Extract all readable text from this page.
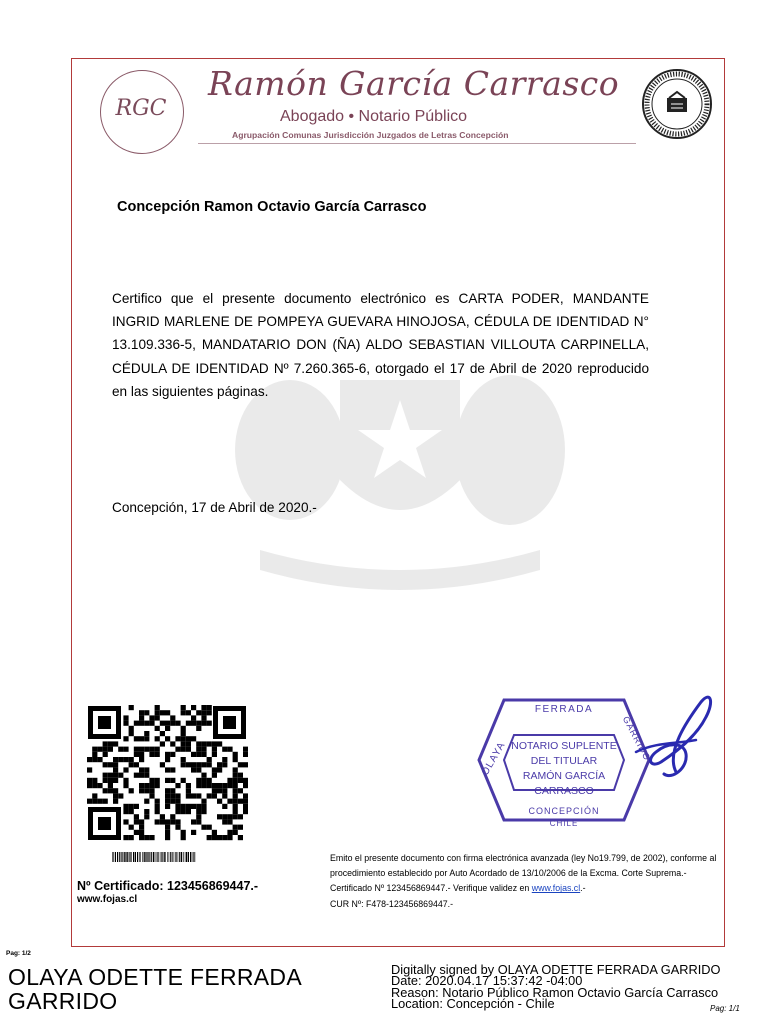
RGC
Ramón García Carrasco
Abogado • Notario Público
Agrupación Comunas Jurisdicción Juzgados de Letras Concepción
Concepción Ramon Octavio García Carrasco
Certifico que el presente documento electrónico es CARTA PODER, MANDANTE INGRID MARLENE DE POMPEYA GUEVARA HINOJOSA, CÉDULA DE IDENTIDAD N° 13.109.336-5, MANDATARIO DON (ÑA) ALDO SEBASTIAN VILLOUTA CARPINELLA, CÉDULA DE IDENTIDAD Nº 7.260.365-6, otorgado el 17 de Abril de 2020 reproducido en las siguientes páginas.
Concepción, 17 de Abril de 2020.-
FERRADA
NOTARIO SUPLENTE
DEL TITULAR
RAMÓN GARCÍA
CARRASCO
CONCEPCIÓN
CHILE
OLAYA	GARRIDO
Nº Certificado: 123456869447.-
www.fojas.cl
Emito el presente documento con firma electrónica avanzada (ley No19.799, de 2002), conforme al procedimiento establecido por Auto Acordado de 13/10/2006 de la Excma. Corte Suprema.-
Certificado Nº 123456869447.- Verifique validez en www.fojas.cl.-
CUR Nº: F478-123456869447.-
Pag: 1/2
OLAYA ODETTE FERRADA GARRIDO
Digitally signed by OLAYA ODETTE FERRADA GARRIDO
Date: 2020.04.17 15:37:42 -04:00
Reason: Notario Público Ramon Octavio García Carrasco
Location: Concepción - Chile	Pag: 1/1
